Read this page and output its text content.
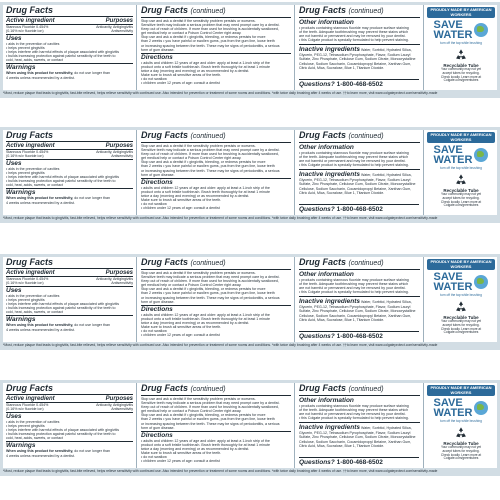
Drug Facts
Active ingredient	Purposes
Stannous Fluoride 0.454%	Anticavity, Antigingivitis
(0.16% w/v fluoride ion)	Antisensitivity
Uses
• aids in the prevention of cavities
• helps prevent gingivitis
• helps interfere with harmful effects of plaque associated with gingivitis
• builds increasing protection against painful sensitivity of the teeth to
cold, heat, acids, sweets, or contact
Warnings
When using this product for sensitivity, do not use longer than
4 weeks unless recommended by a dentist.
Drug Facts (continued)
Stop use and ask a dentist if the sensitivity problem persists or worsens.
Sensitive teeth may indicate a serious problem that may need prompt care by a dentist.
Keep out of reach of children. If more than used for brushing is accidentally swallowed,
get medical help or contact a Poison Control Center right away.
Stop use and ask a dentist if • gingivitis, bleeding, or redness persists for more
than 2 weeks • you have painful or swollen gums, pus from the gum line, loose teeth
or increasing spacing between the teeth. These may be signs of periodontitis, a serious
form of gum disease.
Directions
• adults and children 12 years of age and older: apply at least a 1-inch strip of the
product onto a soft bristle toothbrush. Brush teeth thoroughly for at least 1 minute
twice a day (morning and evening) or as recommended by a dentist.
Make sure to brush all sensitive areas of the teeth.
• do not swallow
• children under 12 years of age: consult a dentist
Drug Facts (continued)
Other information
• products containing stannous fluoride may produce surface staining
of the teeth. Adequate toothbrushing may prevent these stains which
are not harmful or permanent and may be removed by your dentist.
• this Colgate product is specially formulated to help prevent staining.
Inactive ingredients Water, Sorbitol, Hydrated Silica,
Glycerin, PEG-12, Tetrasodium Pyrophosphate, Flavor, Sodium Lauryl
Sulfate, Zinc Phosphate, Cellulose Gum, Sodium Citrate, Monocrystalline
Cellulose, Sodium Saccharin, Cocamidopropyl Betaine, Xanthan Gum,
Citric Acid, Mica, Sucralose, Blue 1, Titanium Dioxide.
Questions? 1-800-468-6502
PROUDLY MADE BY AMERICAN WORKERS
SAVE
WATER
turn off the tap while brushing
Recyclable Tube
Your community may not yet
accept tubes for recycling.
Check locally. Learn more at
Colgate.com/greentubes
*Most, reduce plaque that leads to gingivitis, fast-bite relieved, helps relieve sensitivity with continued use. Also intended for prevention or treatment of some rooms and conditions. *with twice daily brushing after 4 weeks of use. ††to learn more, visit www.colgateprotect.com/sensitivity-made
Drug Facts
Active ingredient	Purposes
Stannous Fluoride 0.454%	Anticavity, Antigingivitis
(0.16% w/v fluoride ion)	Antisensitivity
Uses
• aids in the prevention of cavities
• helps prevent gingivitis
• helps interfere with harmful effects of plaque associated with gingivitis
• builds increasing protection against painful sensitivity of the teeth to
cold, heat, acids, sweets, or contact
Warnings
When using this product for sensitivity, do not use longer than
4 weeks unless recommended by a dentist.
Drug Facts (continued)
Stop use and ask a dentist if the sensitivity problem persists or worsens.
Sensitive teeth may indicate a serious problem that may need prompt care by a dentist.
Keep out of reach of children. If more than used for brushing is accidentally swallowed,
get medical help or contact a Poison Control Center right away.
Stop use and ask a dentist if • gingivitis, bleeding, or redness persists for more
than 2 weeks • you have painful or swollen gums, pus from the gum line, loose teeth
or increasing spacing between the teeth. These may be signs of periodontitis, a serious
form of gum disease.
Directions
• adults and children 12 years of age and older: apply at least a 1-inch strip of the
product onto a soft bristle toothbrush. Brush teeth thoroughly for at least 1 minute
twice a day (morning and evening) or as recommended by a dentist.
Make sure to brush all sensitive areas of the teeth.
• do not swallow
• children under 12 years of age: consult a dentist
Drug Facts (continued)
Other information
• products containing stannous fluoride may produce surface staining
of the teeth. Adequate toothbrushing may prevent these stains which
are not harmful or permanent and may be removed by your dentist.
• this Colgate product is specially formulated to help prevent staining.
Inactive ingredients Water, Sorbitol, Hydrated Silica,
Glycerin, PEG-12, Tetrasodium Pyrophosphate, Flavor, Sodium Lauryl
Sulfate, Zinc Phosphate, Cellulose Gum, Sodium Citrate, Monocrystalline
Cellulose, Sodium Saccharin, Cocamidopropyl Betaine, Xanthan Gum,
Citric Acid, Mica, Sucralose, Blue 1, Titanium Dioxide.
Questions? 1-800-468-6502
PROUDLY MADE BY AMERICAN WORKERS
SAVE
WATER
turn off the tap while brushing
Recyclable Tube
Your community may not yet
accept tubes for recycling.
Check locally. Learn more at
Colgate.com/greentubes
*Most, reduce plaque that leads to gingivitis, fast-bite relieved, helps relieve sensitivity with continued use. Also intended for prevention or treatment of some rooms and conditions. *with twice daily brushing after 4 weeks of use. ††to learn more, visit www.colgateprotect.com/sensitivity-made
Drug Facts
Active ingredient	Purposes
Stannous Fluoride 0.454%	Anticavity, Antigingivitis
(0.16% w/v fluoride ion)	Antisensitivity
Uses
• aids in the prevention of cavities
• helps prevent gingivitis
• helps interfere with harmful effects of plaque associated with gingivitis
• builds increasing protection against painful sensitivity of the teeth to
cold, heat, acids, sweets, or contact
Warnings
When using this product for sensitivity, do not use longer than
4 weeks unless recommended by a dentist.
Drug Facts (continued)
Stop use and ask a dentist if the sensitivity problem persists or worsens.
Sensitive teeth may indicate a serious problem that may need prompt care by a dentist.
Keep out of reach of children. If more than used for brushing is accidentally swallowed,
get medical help or contact a Poison Control Center right away.
Stop use and ask a dentist if • gingivitis, bleeding, or redness persists for more
than 2 weeks • you have painful or swollen gums, pus from the gum line, loose teeth
or increasing spacing between the teeth. These may be signs of periodontitis, a serious
form of gum disease.
Directions
• adults and children 12 years of age and older: apply at least a 1-inch strip of the
product onto a soft bristle toothbrush. Brush teeth thoroughly for at least 1 minute
twice a day (morning and evening) or as recommended by a dentist.
Make sure to brush all sensitive areas of the teeth.
• do not swallow
• children under 12 years of age: consult a dentist
Drug Facts (continued)
Other information
• products containing stannous fluoride may produce surface staining
of the teeth. Adequate toothbrushing may prevent these stains which
are not harmful or permanent and may be removed by your dentist.
• this Colgate product is specially formulated to help prevent staining.
Inactive ingredients Water, Sorbitol, Hydrated Silica,
Glycerin, PEG-12, Tetrasodium Pyrophosphate, Flavor, Sodium Lauryl
Sulfate, Zinc Phosphate, Cellulose Gum, Sodium Citrate, Monocrystalline
Cellulose, Sodium Saccharin, Cocamidopropyl Betaine, Xanthan Gum,
Citric Acid, Mica, Sucralose, Blue 1, Titanium Dioxide.
Questions? 1-800-468-6502
PROUDLY MADE BY AMERICAN WORKERS
SAVE
WATER
turn off the tap while brushing
Recyclable Tube
Your community may not yet
accept tubes for recycling.
Check locally. Learn more at
Colgate.com/greentubes
*Most, reduce plaque that leads to gingivitis, fast-bite relieved, helps relieve sensitivity with continued use. Also intended for prevention or treatment of some rooms and conditions. *with twice daily brushing after 4 weeks of use. ††to learn more, visit www.colgateprotect.com/sensitivity-made
Drug Facts
Active ingredient	Purposes
Stannous Fluoride 0.454%	Anticavity, Antigingivitis
(0.16% w/v fluoride ion)	Antisensitivity
Uses
• aids in the prevention of cavities
• helps prevent gingivitis
• helps interfere with harmful effects of plaque associated with gingivitis
• builds increasing protection against painful sensitivity of the teeth to
cold, heat, acids, sweets, or contact
Warnings
When using this product for sensitivity, do not use longer than
4 weeks unless recommended by a dentist.
Drug Facts (continued)
Stop use and ask a dentist if the sensitivity problem persists or worsens.
Sensitive teeth may indicate a serious problem that may need prompt care by a dentist.
Keep out of reach of children. If more than used for brushing is accidentally swallowed,
get medical help or contact a Poison Control Center right away.
Stop use and ask a dentist if • gingivitis, bleeding, or redness persists for more
than 2 weeks • you have painful or swollen gums, pus from the gum line, loose teeth
or increasing spacing between the teeth. These may be signs of periodontitis, a serious
form of gum disease.
Directions
• adults and children 12 years of age and older: apply at least a 1-inch strip of the
product onto a soft bristle toothbrush. Brush teeth thoroughly for at least 1 minute
twice a day (morning and evening) or as recommended by a dentist.
Make sure to brush all sensitive areas of the teeth.
• do not swallow
• children under 12 years of age: consult a dentist
Drug Facts (continued)
Other information
• products containing stannous fluoride may produce surface staining
of the teeth. Adequate toothbrushing may prevent these stains which
are not harmful or permanent and may be removed by your dentist.
• this Colgate product is specially formulated to help prevent staining.
Inactive ingredients Water, Sorbitol, Hydrated Silica,
Glycerin, PEG-12, Tetrasodium Pyrophosphate, Flavor, Sodium Lauryl
Sulfate, Zinc Phosphate, Cellulose Gum, Sodium Citrate, Monocrystalline
Cellulose, Sodium Saccharin, Cocamidopropyl Betaine, Xanthan Gum,
Citric Acid, Mica, Sucralose, Blue 1, Titanium Dioxide.
Questions? 1-800-468-6502
PROUDLY MADE BY AMERICAN WORKERS
SAVE
WATER
turn off the tap while brushing
Recyclable Tube
Your community may not yet
accept tubes for recycling.
Check locally. Learn more at
Colgate.com/greentubes
*Most, reduce plaque that leads to gingivitis, fast-bite relieved, helps relieve sensitivity with continued use. Also intended for prevention or treatment of some rooms and conditions. *with twice daily brushing after 4 weeks of use. ††to learn more, visit www.colgateprotect.com/sensitivity-made
